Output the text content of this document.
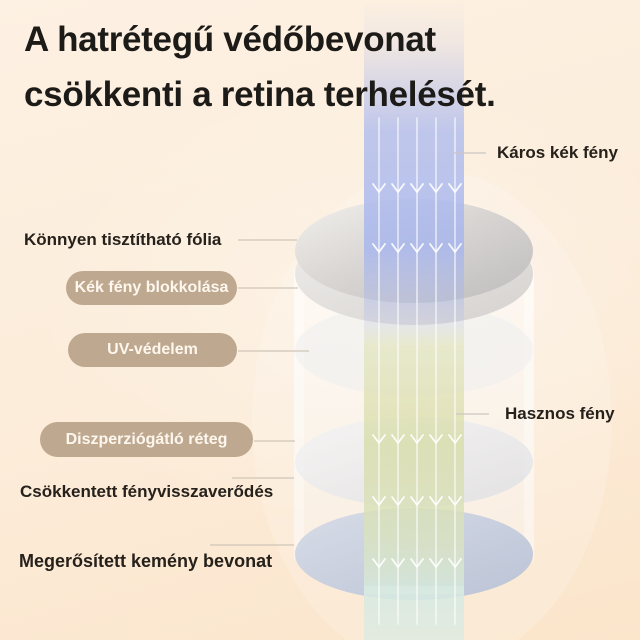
A hatrétegű védőbevonat
csökkenti a retina terhelését.
Könnyen tisztítható fólia
Kék fény blokkolása
UV-védelem
Diszperziógátló réteg
Csökkentett fényvisszaverődés
Megerősített kemény bevonat
Káros kék fény
Hasznos fény
